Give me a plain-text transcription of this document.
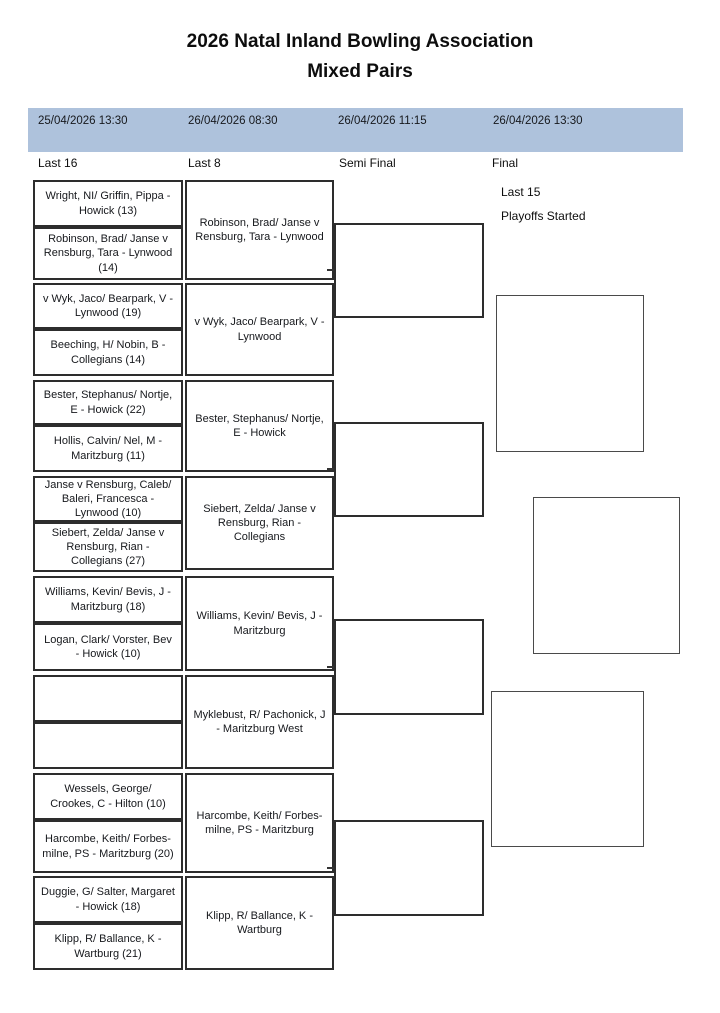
2026 Natal Inland Bowling Association
Mixed Pairs
25/04/2026 13:30	26/04/2026 08:30	26/04/2026 11:15	26/04/2026 13:30
Last 16	Last 8	Semi Final	Final
Last 15
Playoffs Started
Wright, NI/ Griffin, Pippa - Howick (13)
Robinson, Brad/ Janse v Rensburg, Tara - Lynwood (14)
v Wyk, Jaco/ Bearpark, V - Lynwood (19)
Beeching, H/ Nobin, B - Collegians (14)
Bester, Stephanus/ Nortje, E - Howick (22)
Hollis, Calvin/ Nel, M - Maritzburg (11)
Janse v Rensburg, Caleb/ Baleri, Francesca - Lynwood (10)
Siebert, Zelda/ Janse v Rensburg, Rian - Collegians (27)
Williams, Kevin/ Bevis, J - Maritzburg (18)
Logan, Clark/ Vorster, Bev - Howick (10)
Wessels, George/ Crookes, C - Hilton (10)
Harcombe, Keith/ Forbes-milne, PS - Maritzburg (20)
Duggie, G/ Salter, Margaret - Howick (18)
Klipp, R/ Ballance, K - Wartburg (21)
Robinson, Brad/ Janse v Rensburg, Tara - Lynwood
v Wyk, Jaco/ Bearpark, V - Lynwood
Bester, Stephanus/ Nortje, E - Howick
Siebert, Zelda/ Janse v Rensburg, Rian - Collegians
Williams, Kevin/ Bevis, J - Maritzburg
Myklebust, R/ Pachonick, J - Maritzburg West
Harcombe, Keith/ Forbes-milne, PS - Maritzburg
Klipp, R/ Ballance, K - Wartburg
